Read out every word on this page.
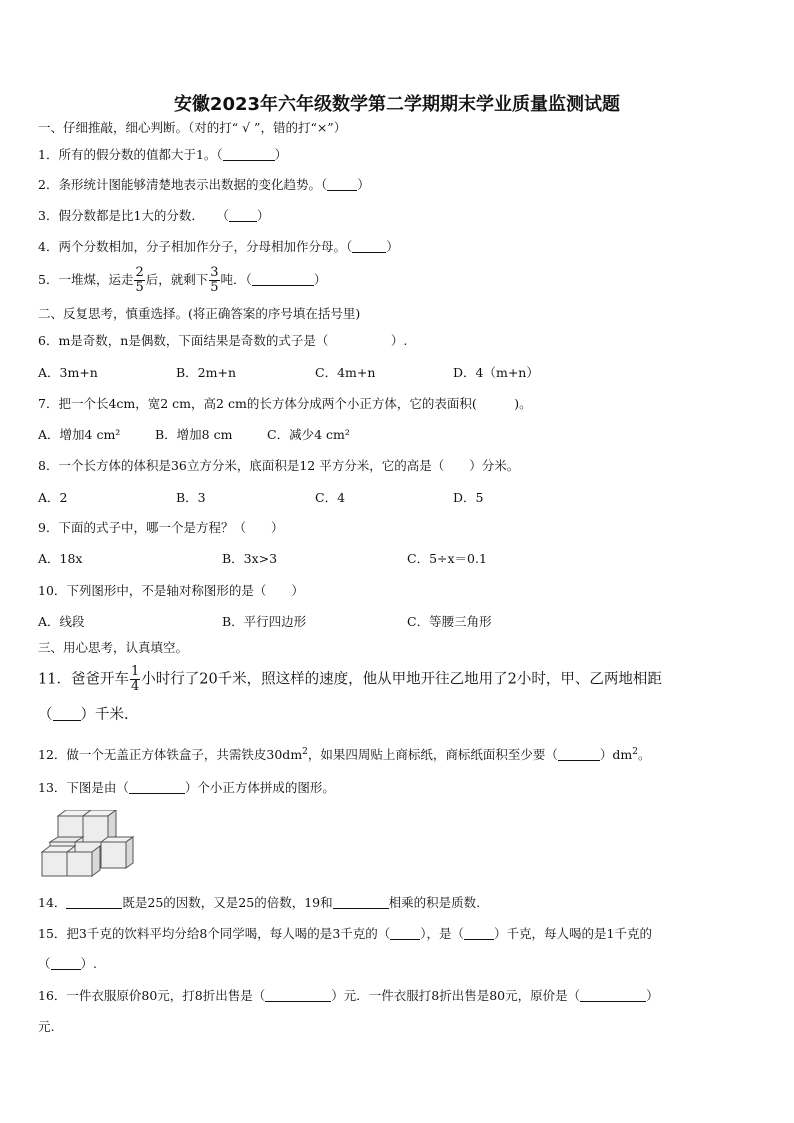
安徽2023年六年级数学第二学期期末学业质量监测试题
一、仔细推敲，细心判断。（对的打“ √ ”，错的打“×”）
1．所有的假分数的值都大于1。（	）
2．条形统计图能够清楚地表示出数据的变化趋势。（ ）
3．假分数都是比1大的分数．　　（ ）
4．两个分数相加，分子相加作分子，分母相加作分母。（	）
5．一堆煤，运走 $\frac{2}{5}$ 后，就剩下 $\frac{3}{5}$ 吨．（	）
二、反复思考，慎重选择。(将正确答案的序号填在括号里)
6．m是奇数，n是偶数，下面结果是奇数的式子是（　　　　　）.
A．3m+n	B．2m+n	C．4m+n	D．4（m+n）
7．把一个长4cm，宽2 cm，高2 cm的长方体分成两个小正方体，它的表面积(　　　)。
A．增加4 cm²	B．增加8 cm	C．减少4 cm²
8．一个长方体的体积是36立方分米，底面积是12 平方分米，它的高是（　　）分米。
A．2	B．3	C．4	D．5
9．下面的式子中，哪一个是方程？（　　）
A．18x	B．3x>3	C．5÷x＝0.1
10．下列图形中，不是轴对称图形的是（　　）
A．线段	B．平行四边形	C．等腰三角形
三、用心思考，认真填空。
11．爸爸开车 $\frac{1}{4}$ 小时行了20千米，照这样的速度，他从甲地开往乙地用了2小时，甲、乙两地相距
（ ）千米.
12．做一个无盖正方体铁盒子，共需铁皮$30dm^2$，如果四周贴上商标纸，商标纸面积至少要（	）$dm^2$。
13．下图是由（	）个小正方体拼成的图形。
14．	既是25的因数，又是25的倍数，19和	相乘的积是质数.
15．把3千克的饮料平均分给8个同学喝，每人喝的是3千克的（ ），是（ ）千克，每人喝的是1千克的
（ ）.
16．一件衣服原价80元，打8折出售是（	）元．一件衣服打8折出售是80元，原价是（	）
元.
